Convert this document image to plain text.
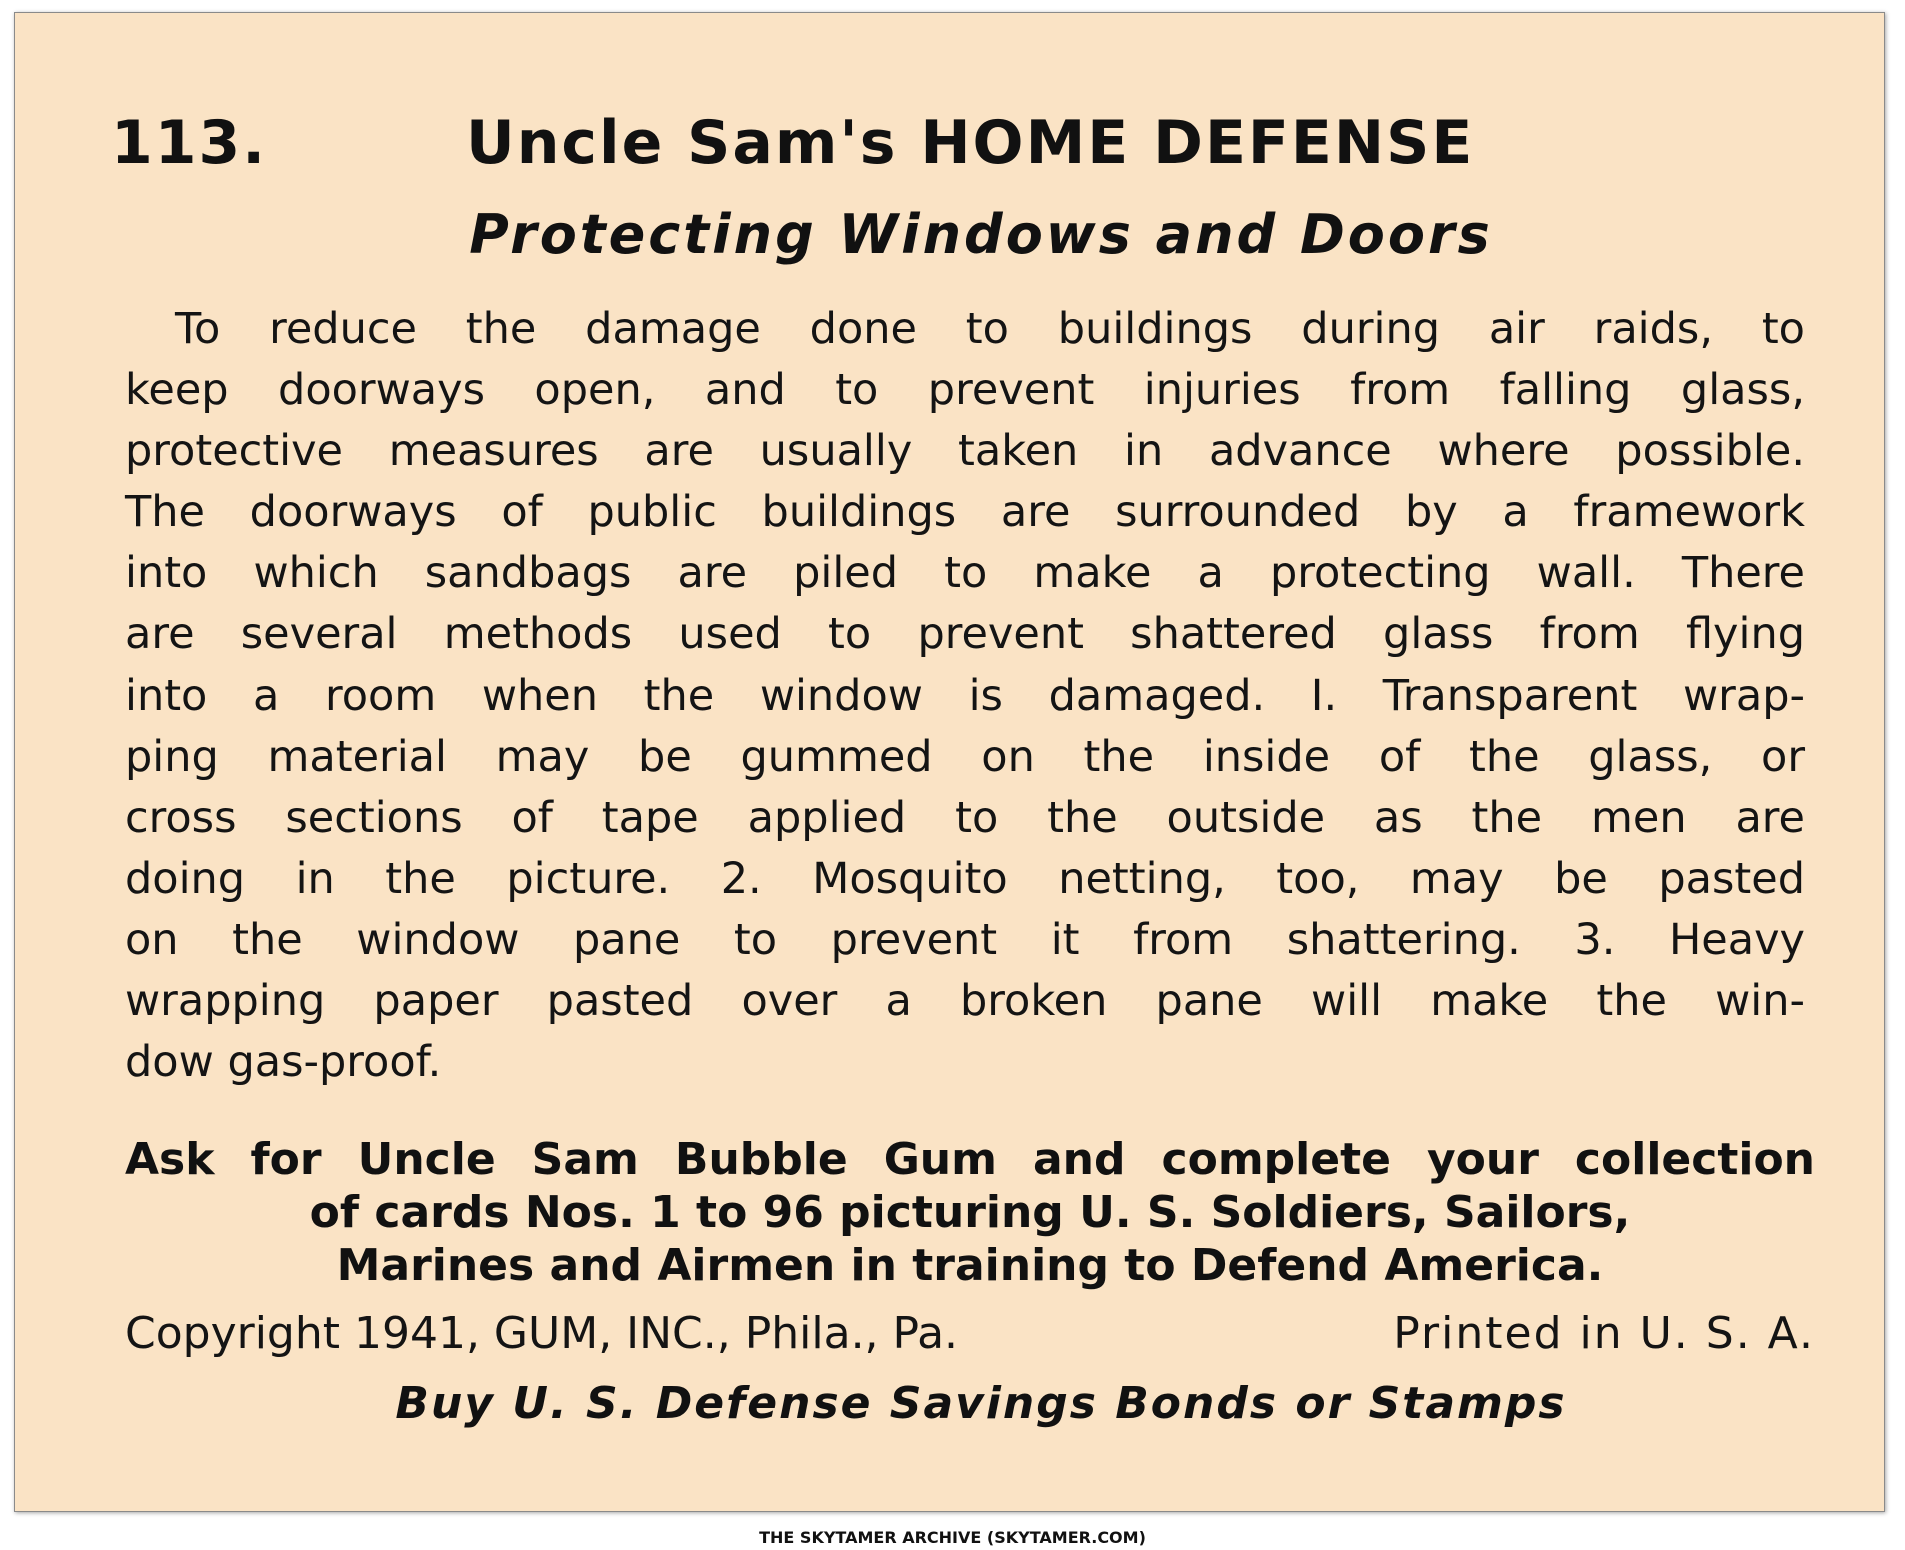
113.	Uncle Sam's HOME DEFENSE
Protecting Windows and Doors
To reduce the damage done to buildings during air raids, to
keep doorways open, and to prevent injuries from falling glass,
protective measures are usually taken in advance where possible.
The doorways of public buildings are surrounded by a framework
into which sandbags are piled to make a protecting wall. There
are several methods used to prevent shattered glass from flying
into a room when the window is damaged. I. Transparent wrap-
ping material may be gummed on the inside of the glass, or
cross sections of tape applied to the outside as the men are
doing in the picture. 2. Mosquito netting, too, may be pasted
on the window pane to prevent it from shattering. 3. Heavy
wrapping paper pasted over a broken pane will make the win-
dow gas-proof.
Ask for Uncle Sam Bubble Gum and complete your collection
of cards Nos. 1 to 96 picturing U. S. Soldiers, Sailors,
Marines and Airmen in training to Defend America.
Copyright 1941, GUM, INC., Phila., Pa.	Printed in U. S. A.
Buy U. S. Defense Savings Bonds or Stamps
THE SKYTAMER ARCHIVE (SKYTAMER.COM)
